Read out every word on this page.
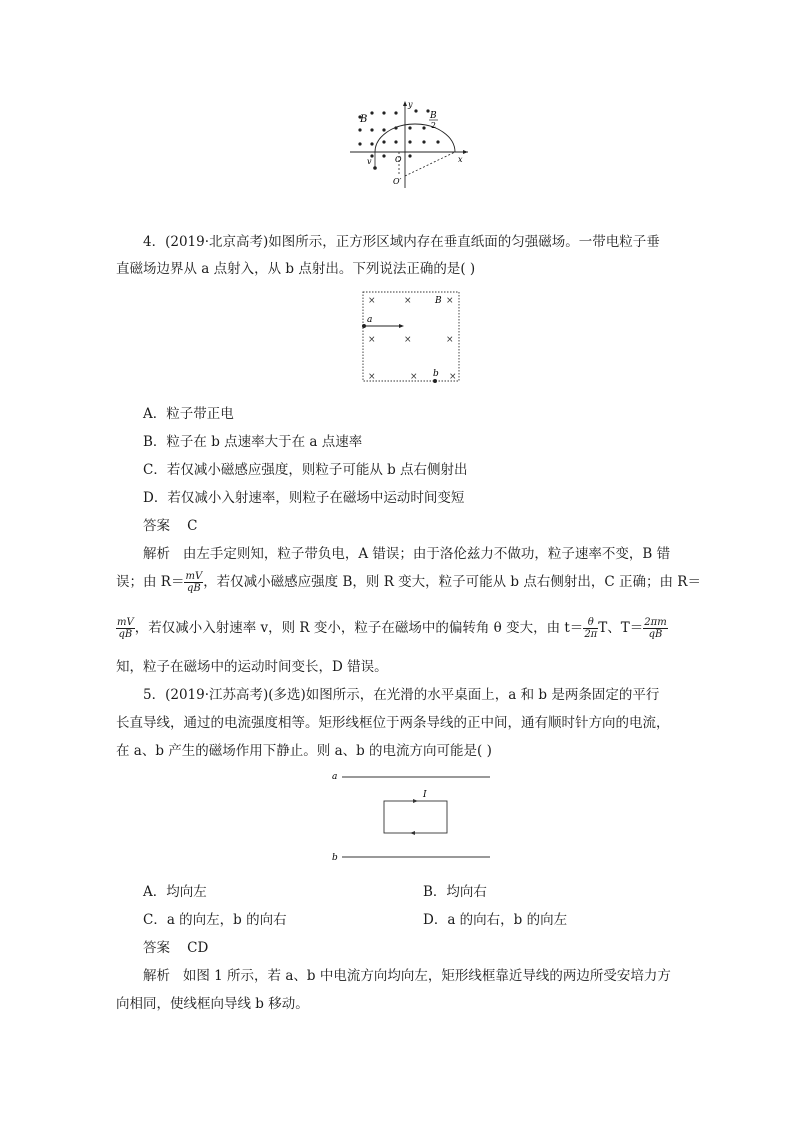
B	B
2
y
x
O
O′
v
4．(2019·北京高考)如图所示，正方形区域内存在垂直纸面的匀强磁场。一带电粒子垂
直磁场边界从 a 点射入，从 b 点射出。下列说法正确的是( )
×	×	×
×	×	×
×	×	×
B
a
b
A．粒子带正电
B．粒子在 b 点速率大于在 a 点速率
C．若仅减小磁感应强度，则粒子可能从 b 点右侧射出
D．若仅减小入射速率，则粒子在磁场中运动时间变短
答案 C
解析 由左手定则知，粒子带负电，A 错误；由于洛伦兹力不做功，粒子速率不变，B 错
误；由 $R= \frac{mV}{qB}$ ，若仅减小磁感应强度 B，则 R 变大，粒子可能从 b 点右侧射出，C 正确；由 R＝
$\frac{mV}{qB}$ ，若仅减小入射速率 v，则 R 变小，粒子在磁场中的偏转角 θ 变大，由 $t= \frac{\theta}{2\pi}$ T、$T= \frac{2\pi m}{qB}$
知，粒子在磁场中的运动时间变长，D 错误。
5．(2019·江苏高考)(多选)如图所示，在光滑的水平桌面上，a 和 b 是两条固定的平行
长直导线，通过的电流强度相等。矩形线框位于两条导线的正中间，通有顺时针方向的电流，
在 a、b 产生的磁场作用下静止。则 a、b 的电流方向可能是( )
a
I
b
A．均向左	B．均向右
C．a 的向左，b 的向右	D．a 的向右，b 的向左
答案 CD
解析 如图 1 所示，若 a、b 中电流方向均向左，矩形线框靠近导线的两边所受安培力方
向相同，使线框向导线 b 移动。
